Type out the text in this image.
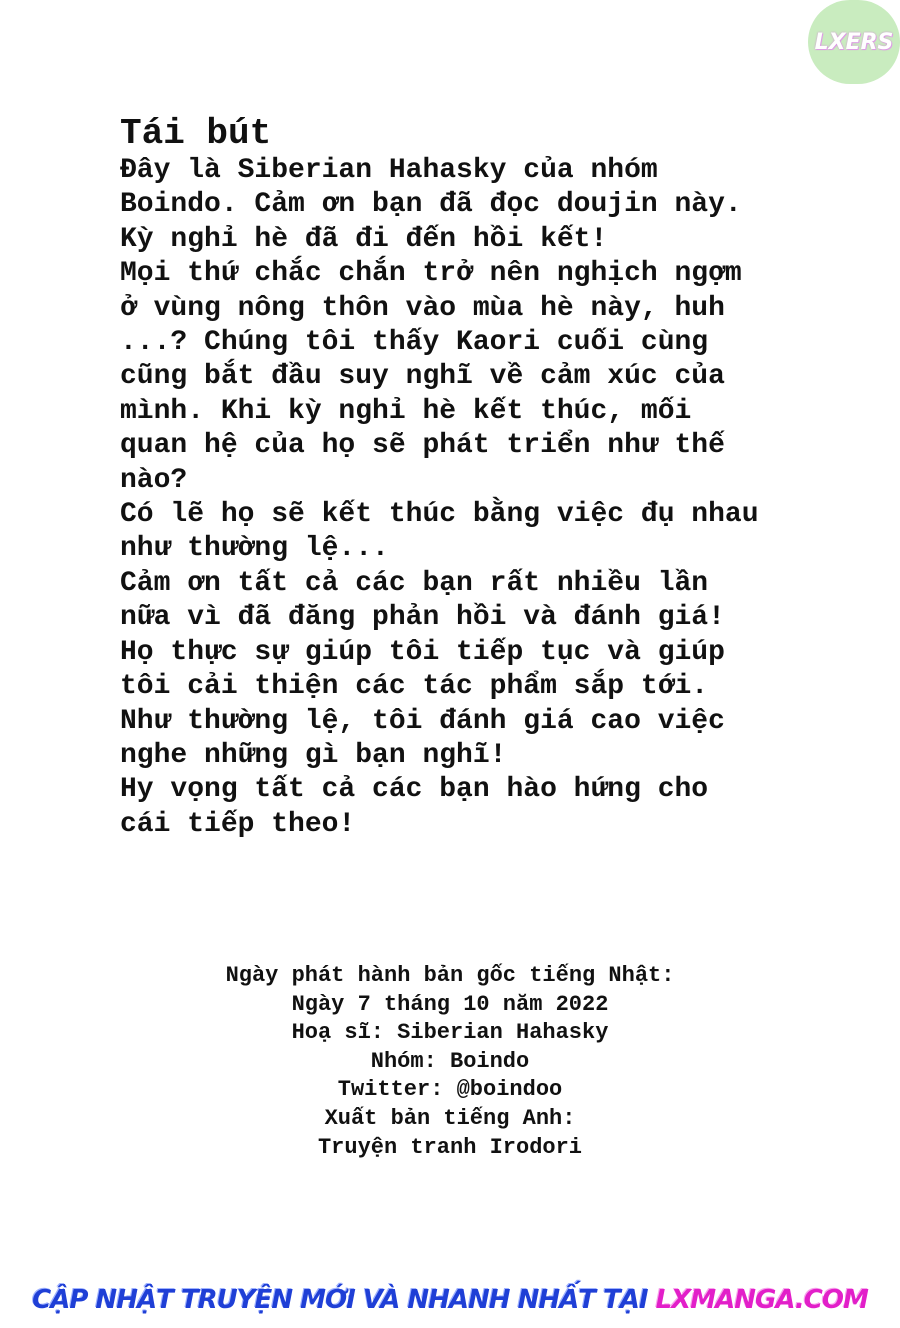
LXERS

Tái bút

Đây là Siberian Hahasky của nhóm

Boindo. Cảm ơn bạn đã đọc doujin này.

Kỳ nghỉ hè đã đi đến hồi kết!

Mọi thứ chắc chắn trở nên nghịch ngợm

ở vùng nông thôn vào mùa hè này, huh

...? Chúng tôi thấy Kaori cuối cùng

cũng bắt đầu suy nghĩ về cảm xúc của

mình. Khi kỳ nghỉ hè kết thúc, mối

quan hệ của họ sẽ phát triển như thế

nào?

Có lẽ họ sẽ kết thúc bằng việc đụ nhau

như thường lệ...

Cảm ơn tất cả các bạn rất nhiều lần

nữa vì đã đăng phản hồi và đánh giá!

Họ thực sự giúp tôi tiếp tục và giúp

tôi cải thiện các tác phẩm sắp tới.

Như thường lệ, tôi đánh giá cao việc

nghe những gì bạn nghĩ!

Hy vọng tất cả các bạn hào hứng cho

cái tiếp theo!

Ngày phát hành bản gốc tiếng Nhật:

Ngày 7 tháng 10 năm 2022

Hoạ sĩ: Siberian Hahasky

Nhóm: Boindo

Twitter: @boindoo

Xuất bản tiếng Anh:

Truyện tranh Irodori

CẬP NHẬT TRUYỆN MỚI VÀ NHANH NHẤT TẠI LXMANGA.COM
